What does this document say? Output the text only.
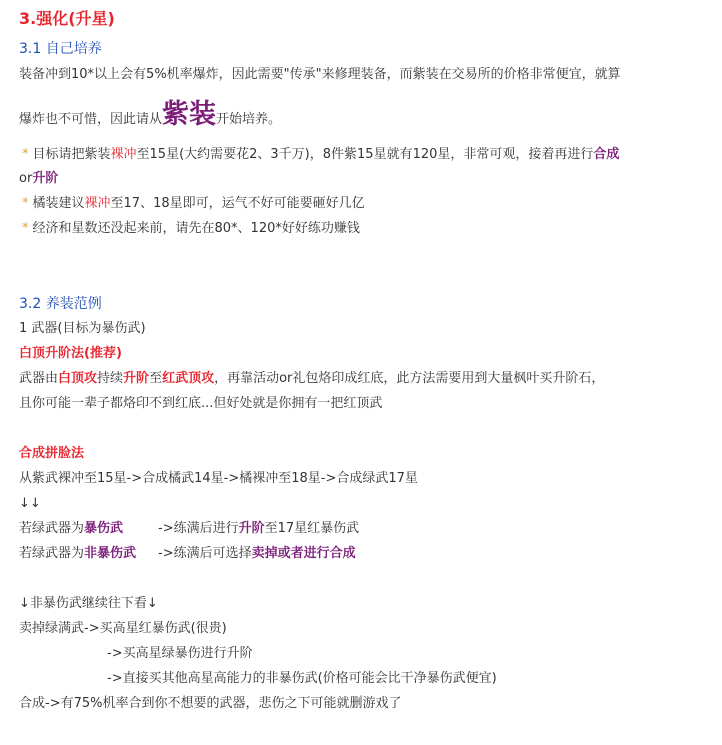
3.强化(升星)
3.1 自己培养
装备冲到10*以上会有5%机率爆炸，因此需要"传承"来修理装备，而紫装在交易所的价格非常便宜，就算
爆炸也不可惜，因此请从紫装开始培养。
* 目标请把紫装裸冲至15星(大约需要花2、3千万)，8件紫15星就有120星，非常可观，接着再进行合成
or升阶
* 橘装建议裸冲至17、18星即可，运气不好可能要砸好几亿
* 经济和星数还没起来前，请先在80*、120*好好练功赚钱
3.2 养装范例
1 武器(目标为暴伤武)
白顶升阶法(推荐)
武器由白顶攻持续升阶至红武顶攻，再靠活动or礼包烙印成红底，此方法需要用到大量枫叶买升阶石，
且你可能一辈子都烙印不到红底...但好处就是你拥有一把红顶武
合成拼脸法
从紫武裸冲至15星->合成橘武14星->橘裸冲至18星->合成绿武17星
↓↓
若绿武器为暴伤武	->练满后进行升阶至17星红暴伤武
若绿武器为非暴伤武 ->练满后可选择卖掉或者进行合成
↓非暴伤武继续往下看↓
卖掉绿满武->买高星红暴伤武(很贵)
->买高星绿暴伤进行升阶
->直接买其他高星高能力的非暴伤武(价格可能会比干净暴伤武便宜)
合成->有75%机率合到你不想要的武器，悲伤之下可能就删游戏了
